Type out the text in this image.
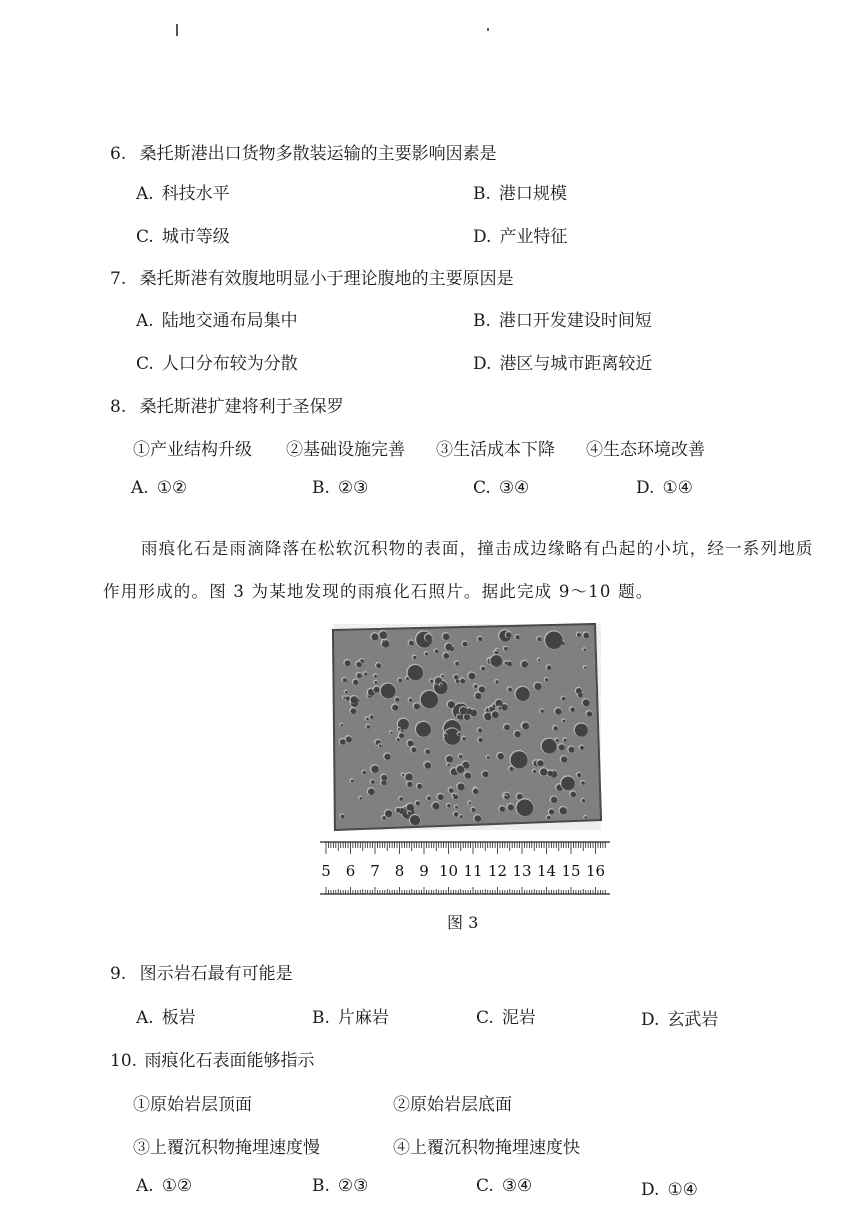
6. 桑托斯港出口货物多散装运输的主要影响因素是
A. 科技水平	B. 港口规模
C. 城市等级	D. 产业特征
7. 桑托斯港有效腹地明显小于理论腹地的主要原因是
A. 陆地交通布局集中	B. 港口开发建设时间短
C. 人口分布较为分散	D. 港区与城市距离较近
8. 桑托斯港扩建将利于圣保罗
①产业结构升级 ②基础设施完善 ③生活成本下降 ④生态环境改善
A. ①②	B. ②③	C. ③④	D. ①④
雨痕化石是雨滴降落在松软沉积物的表面，撞击成边缘略有凸起的小坑，经一系列地质
作用形成的。图 3 为某地发现的雨痕化石照片。据此完成 9～10 题。
5 6 7 8 9 10 11 12 13 14 15 16
图 3
9. 图示岩石最有可能是
A. 板岩	B. 片麻岩	C. 泥岩	D. 玄武岩
10. 雨痕化石表面能够指示
①原始岩层顶面	②原始岩层底面
③上覆沉积物掩埋速度慢	④上覆沉积物掩埋速度快
A. ①②	B. ②③	C. ③④	D. ①④
